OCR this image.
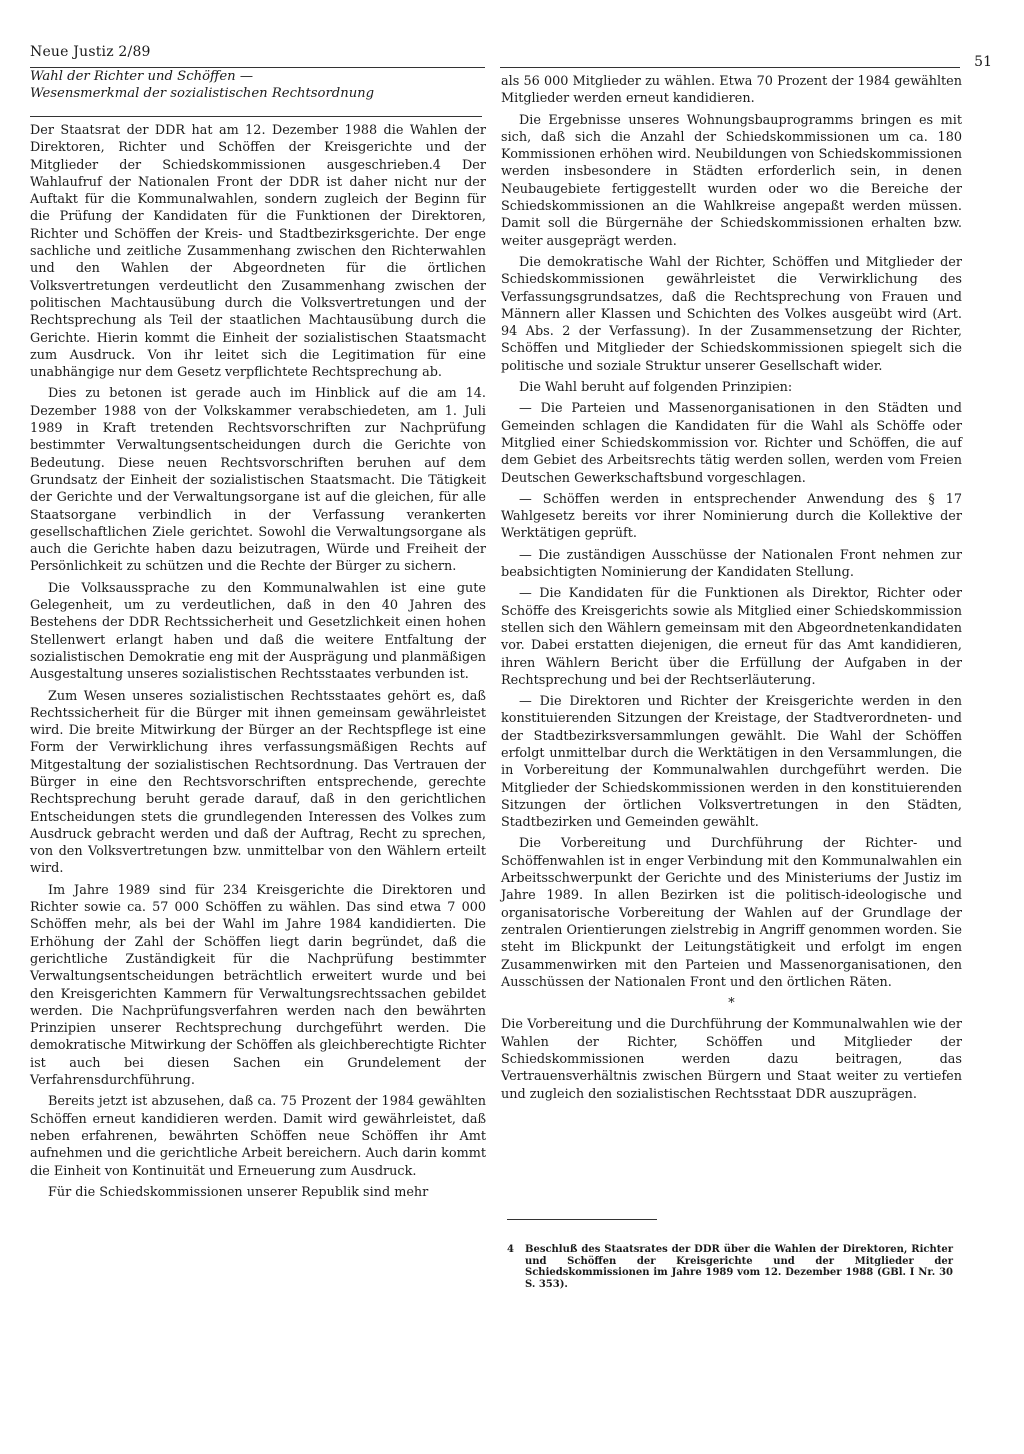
Neue Justiz 2/89
51
Wahl der Richter und Schöffen —
Wesensmerkmal der sozialistischen Rechtsordnung

Der Staatsrat der DDR hat am 12. Dezember 1988 die Wahlen der Direktoren, Richter und Schöffen der Kreisgerichte und der Mitglieder der Schiedskommissionen ausgeschrieben.4 Der Wahlaufruf der Nationalen Front der DDR ist daher nicht nur der Auftakt für die Kommunalwahlen, sondern zugleich der Beginn für die Prüfung der Kandidaten für die Funktionen der Direktoren, Richter und Schöffen der Kreis- und Stadtbezirksgerichte. Der enge sachliche und zeitliche Zusammenhang zwischen den Richterwahlen und den Wahlen der Abgeordneten für die örtlichen Volksvertretungen verdeutlicht den Zusammenhang zwischen der politischen Machtausübung durch die Volksvertretungen und der Rechtsprechung als Teil der staatlichen Machtausübung durch die Gerichte. Hierin kommt die Einheit der sozialistischen Staatsmacht zum Ausdruck. Von ihr leitet sich die Legitimation für eine unabhängige nur dem Gesetz verpflichtete Rechtsprechung ab.

Dies zu betonen ist gerade auch im Hinblick auf die am 14. Dezember 1988 von der Volkskammer verabschiedeten, am 1. Juli 1989 in Kraft tretenden Rechtsvorschriften zur Nachprüfung bestimmter Verwaltungsentscheidungen durch die Gerichte von Bedeutung. Diese neuen Rechtsvorschriften beruhen auf dem Grundsatz der Einheit der sozialistischen Staatsmacht. Die Tätigkeit der Gerichte und der Verwaltungsorgane ist auf die gleichen, für alle Staatsorgane verbindlich in der Verfassung verankerten gesellschaftlichen Ziele gerichtet. Sowohl die Verwaltungsorgane als auch die Gerichte haben dazu beizutragen, Würde und Freiheit der Persönlichkeit zu schützen und die Rechte der Bürger zu sichern.

Die Volksaussprache zu den Kommunalwahlen ist eine gute Gelegenheit, um zu verdeutlichen, daß in den 40 Jahren des Bestehens der DDR Rechtssicherheit und Gesetzlichkeit einen hohen Stellenwert erlangt haben und daß die weitere Entfaltung der sozialistischen Demokratie eng mit der Ausprägung und planmäßigen Ausgestaltung unseres sozialistischen Rechtsstaates verbunden ist.

Zum Wesen unseres sozialistischen Rechtsstaates gehört es, daß Rechtssicherheit für die Bürger mit ihnen gemeinsam gewährleistet wird. Die breite Mitwirkung der Bürger an der Rechtspflege ist eine Form der Verwirklichung ihres verfassungsmäßigen Rechts auf Mitgestaltung der sozialistischen Rechtsordnung. Das Vertrauen der Bürger in eine den Rechtsvorschriften entsprechende, gerechte Rechtsprechung beruht gerade darauf, daß in den gerichtlichen Entscheidungen stets die grundlegenden Interessen des Volkes zum Ausdruck gebracht werden und daß der Auftrag, Recht zu sprechen, von den Volksvertretungen bzw. unmittelbar von den Wählern erteilt wird.

Im Jahre 1989 sind für 234 Kreisgerichte die Direktoren und Richter sowie ca. 57 000 Schöffen zu wählen. Das sind etwa 7 000 Schöffen mehr, als bei der Wahl im Jahre 1984 kandidierten. Die Erhöhung der Zahl der Schöffen liegt darin begründet, daß die gerichtliche Zuständigkeit für die Nachprüfung bestimmter Verwaltungsentscheidungen beträchtlich erweitert wurde und bei den Kreisgerichten Kammern für Verwaltungsrechtssachen gebildet werden. Die Nachprüfungsverfahren werden nach den bewährten Prinzipien unserer Rechtsprechung durchgeführt werden. Die demokratische Mitwirkung der Schöffen als gleichberechtigte Richter ist auch bei diesen Sachen ein Grundelement der Verfahrensdurchführung.

Bereits jetzt ist abzusehen, daß ca. 75 Prozent der 1984 gewählten Schöffen erneut kandidieren werden. Damit wird gewährleistet, daß neben erfahrenen, bewährten Schöffen neue Schöffen ihr Amt aufnehmen und die gerichtliche Arbeit bereichern. Auch darin kommt die Einheit von Kontinuität und Erneuerung zum Ausdruck.

Für die Schiedskommissionen unserer Republik sind mehr

als 56 000 Mitglieder zu wählen. Etwa 70 Prozent der 1984 gewählten Mitglieder werden erneut kandidieren.

Die Ergebnisse unseres Wohnungsbauprogramms bringen es mit sich, daß sich die Anzahl der Schiedskommissionen um ca. 180 Kommissionen erhöhen wird. Neubildungen von Schiedskommissionen werden insbesondere in Städten erforderlich sein, in denen Neubaugebiete fertiggestellt wurden oder wo die Bereiche der Schiedskommissionen an die Wahlkreise angepaßt werden müssen. Damit soll die Bürgernähe der Schiedskommissionen erhalten bzw. weiter ausgeprägt werden.

Die demokratische Wahl der Richter, Schöffen und Mitglieder der Schiedskommissionen gewährleistet die Verwirklichung des Verfassungsgrundsatzes, daß die Rechtsprechung von Frauen und Männern aller Klassen und Schichten des Volkes ausgeübt wird (Art. 94 Abs. 2 der Verfassung). In der Zusammensetzung der Richter, Schöffen und Mitglieder der Schiedskommissionen spiegelt sich die politische und soziale Struktur unserer Gesellschaft wider.

Die Wahl beruht auf folgenden Prinzipien:

— Die Parteien und Massenorganisationen in den Städten und Gemeinden schlagen die Kandidaten für die Wahl als Schöffe oder Mitglied einer Schiedskommission vor. Richter und Schöffen, die auf dem Gebiet des Arbeitsrechts tätig werden sollen, werden vom Freien Deutschen Gewerkschaftsbund vorgeschlagen.

— Schöffen werden in entsprechender Anwendung des § 17 Wahlgesetz bereits vor ihrer Nominierung durch die Kollektive der Werktätigen geprüft.

— Die zuständigen Ausschüsse der Nationalen Front nehmen zur beabsichtigten Nominierung der Kandidaten Stellung.

— Die Kandidaten für die Funktionen als Direktor, Richter oder Schöffe des Kreisgerichts sowie als Mitglied einer Schiedskommission stellen sich den Wählern gemeinsam mit den Abgeordnetenkandidaten vor. Dabei erstatten diejenigen, die erneut für das Amt kandidieren, ihren Wählern Bericht über die Erfüllung der Aufgaben in der Rechtsprechung und bei der Rechtserläuterung.

— Die Direktoren und Richter der Kreisgerichte werden in den konstituierenden Sitzungen der Kreistage, der Stadtverordneten- und der Stadtbezirksversammlungen gewählt. Die Wahl der Schöffen erfolgt unmittelbar durch die Werktätigen in den Versammlungen, die in Vorbereitung der Kommunalwahlen durchgeführt werden. Die Mitglieder der Schiedskommissionen werden in den konstituierenden Sitzungen der örtlichen Volksvertretungen in den Städten, Stadtbezirken und Gemeinden gewählt.

Die Vorbereitung und Durchführung der Richter- und Schöffenwahlen ist in enger Verbindung mit den Kommunalwahlen ein Arbeitsschwerpunkt der Gerichte und des Ministeriums der Justiz im Jahre 1989. In allen Bezirken ist die politisch-ideologische und organisatorische Vorbereitung der Wahlen auf der Grundlage der zentralen Orientierungen zielstrebig in Angriff genommen worden. Sie steht im Blickpunkt der Leitungstätigkeit und erfolgt im engen Zusammenwirken mit den Parteien und Massenorganisationen, den Ausschüssen der Nationalen Front und den örtlichen Räten.

*

Die Vorbereitung und die Durchführung der Kommunalwahlen wie der Wahlen der Richter, Schöffen und Mitglieder der Schiedskommissionen werden dazu beitragen, das Vertrauensverhältnis zwischen Bürgern und Staat weiter zu vertiefen und zugleich den sozialistischen Rechtsstaat DDR auszuprägen.

4 Beschluß des Staatsrates der DDR über die Wahlen der Direktoren, Richter und Schöffen der Kreisgerichte und der Mitglieder der Schiedskommissionen im Jahre 1989 vom 12. Dezember 1988 (GBl. I Nr. 30 S. 353).
